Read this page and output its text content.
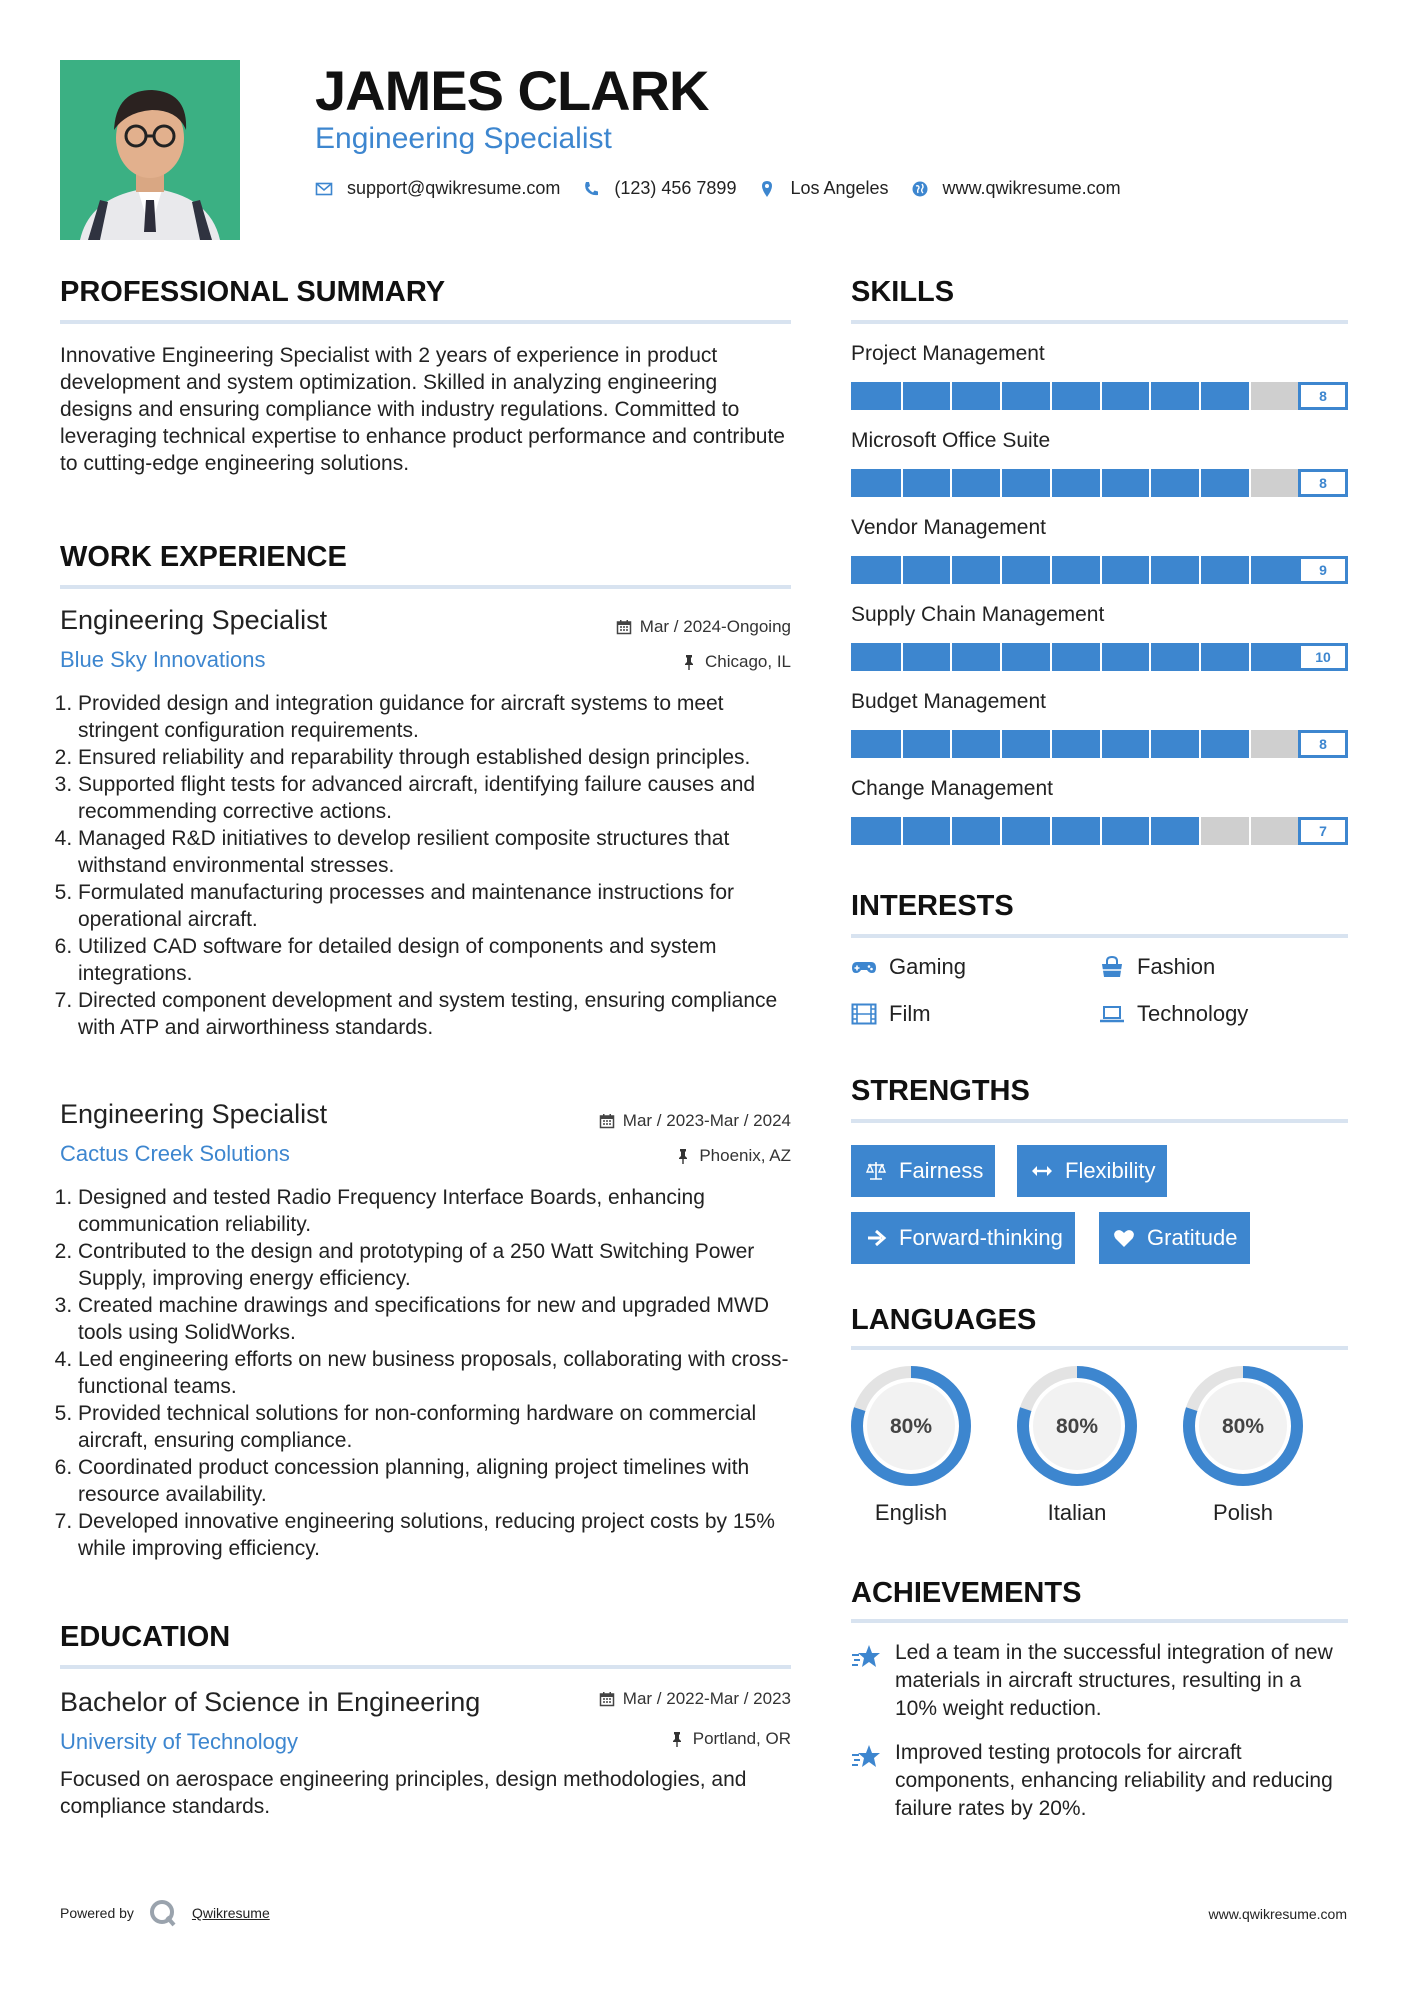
JAMES CLARK
Engineering Specialist
support@qwikresume.com	(123) 456 7899	Los Angeles	www.qwikresume.com
PROFESSIONAL SUMMARY
Innovative Engineering Specialist with 2 years of experience in product development and system optimization. Skilled in analyzing engineering designs and ensuring compliance with industry regulations. Committed to leveraging technical expertise to enhance product performance and contribute to cutting-edge engineering solutions.
WORK EXPERIENCE
Engineering Specialist	Mar / 2024-Ongoing
Blue Sky Innovations	Chicago, IL
1. Provided design and integration guidance for aircraft systems to meet stringent configuration requirements.
2. Ensured reliability and reparability through established design principles.
3. Supported flight tests for advanced aircraft, identifying failure causes and recommending corrective actions.
4. Managed R&D initiatives to develop resilient composite structures that withstand environmental stresses.
5. Formulated manufacturing processes and maintenance instructions for operational aircraft.
6. Utilized CAD software for detailed design of components and system integrations.
7. Directed component development and system testing, ensuring compliance with ATP and airworthiness standards.
Engineering Specialist	Mar / 2023-Mar / 2024
Cactus Creek Solutions	Phoenix, AZ
1. Designed and tested Radio Frequency Interface Boards, enhancing communication reliability.
2. Contributed to the design and prototyping of a 250 Watt Switching Power Supply, improving energy efficiency.
3. Created machine drawings and specifications for new and upgraded MWD tools using SolidWorks.
4. Led engineering efforts on new business proposals, collaborating with cross-functional teams.
5. Provided technical solutions for non-conforming hardware on commercial aircraft, ensuring compliance.
6. Coordinated product concession planning, aligning project timelines with resource availability.
7. Developed innovative engineering solutions, reducing project costs by 15% while improving efficiency.
EDUCATION
Bachelor of Science in Engineering	Mar / 2022-Mar / 2023
University of Technology	Portland, OR
Focused on aerospace engineering principles, design methodologies, and compliance standards.
SKILLS
Project Management
8
Microsoft Office Suite
8
Vendor Management
9
Supply Chain Management
10
Budget Management
8
Change Management
7
INTERESTS
Gaming	Fashion
Film	Technology
STRENGTHS
Fairness	Flexibility
Forward-thinking	Gratitude
LANGUAGES
80%
English
80%
Italian
80%
Polish
ACHIEVEMENTS
Led a team in the successful integration of new materials in aircraft structures, resulting in a 10% weight reduction.
Improved testing protocols for aircraft components, enhancing reliability and reducing failure rates by 20%.
Powered by	Qwikresume	www.qwikresume.com
